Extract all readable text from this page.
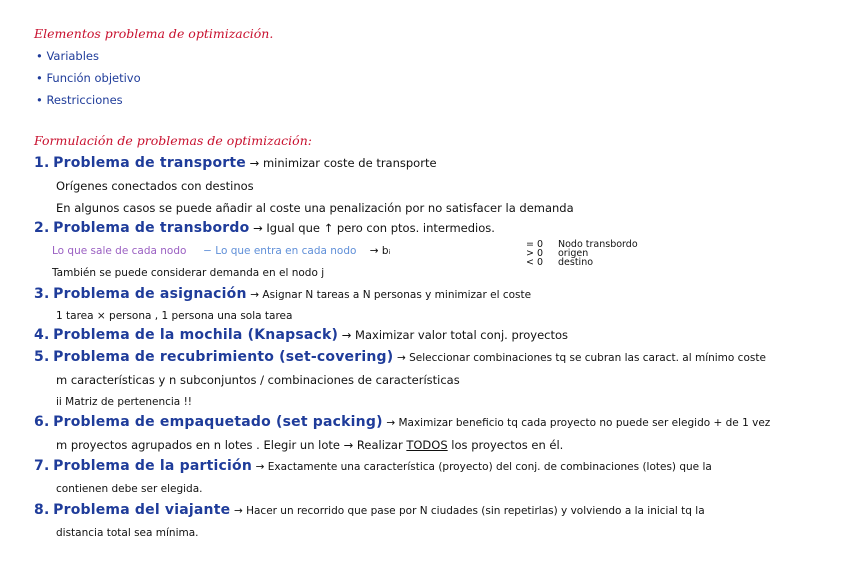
Elementos problema de optimización.
• Variables
• Función objetivo
• Restricciones
Formulación de problemas de optimización:
1. Problema de transporte → minimizar coste de transporte
Orígenes conectados con destinos
En algunos casos se puede añadir al coste una penalización por no satisfacer la demanda
2. Problema de transbordo → Igual que ↑ pero con ptos. intermedios.
Lo que sale de cada nodo − Lo que entra en cada nodo → bᵢ
= 0
> 0
< 0
Nodo transbordo
origen
destino
También se puede considerar demanda en el nodo j
3. Problema de asignación → Asignar N tareas a N personas y minimizar el coste
1 tarea × persona , 1 persona una sola tarea
4. Problema de la mochila (Knapsack) → Maximizar valor total conj. proyectos
5. Problema de recubrimiento (set-covering) → Seleccionar combinaciones tq se cubran las caract. al mínimo coste
m características y n subconjuntos / combinaciones de características
ii Matriz de pertenencia !!
6. Problema de empaquetado (set packing) → Maximizar beneficio tq cada proyecto no puede ser elegido + de 1 vez
m proyectos agrupados en n lotes . Elegir un lote → Realizar TODOS los proyectos en él.
7. Problema de la partición → Exactamente una característica (proyecto) del conj. de combinaciones (lotes) que la
contienen debe ser elegida.
8. Problema del viajante → Hacer un recorrido que pase por N ciudades (sin repetirlas) y volviendo a la inicial tq la
distancia total sea mínima.
